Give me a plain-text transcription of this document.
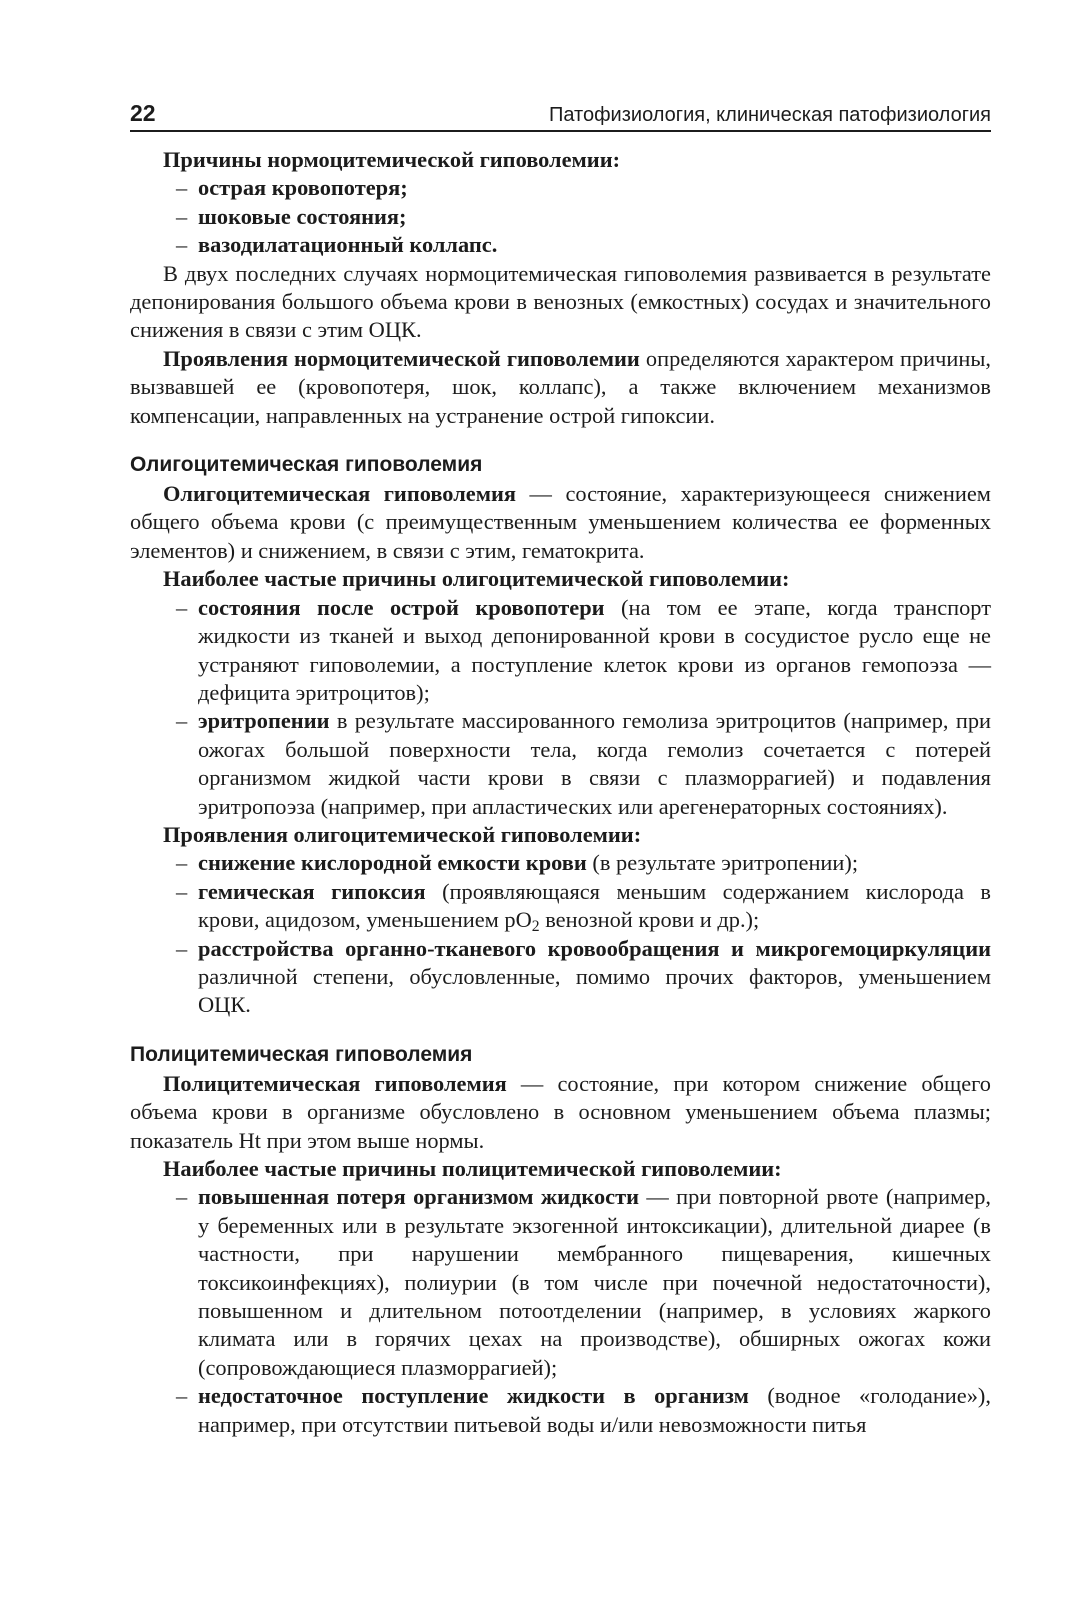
22	Патофизиология, клиническая патофизиология

Причины нормоцитемической гиповолемии:

– острая кровопотеря;
– шоковые состояния;
– вазодилатационный коллапс.

В двух последних случаях нормоцитемическая гиповолемия развивается в результате депонирования большого объема крови в венозных (емкостных) сосудах и значительного снижения в связи с этим ОЦК.

Проявления нормоцитемической гиповолемии определяются характером причины, вызвавшей ее (кровопотеря, шок, коллапс), а также включением механизмов компенсации, направленных на устранение острой гипоксии.

Олигоцитемическая гиповолемия

Олигоцитемическая гиповолемия — состояние, характеризующееся снижением общего объема крови (с преимущественным уменьшением количества ее форменных элементов) и снижением, в связи с этим, гематокрита.

Наиболее частые причины олигоцитемической гиповолемии:

– состояния после острой кровопотери (на том ее этапе, когда транспорт жидкости из тканей и выход депонированной крови в сосудистое русло еще не устраняют гиповолемии, а поступление клеток крови из органов гемопоэза — дефицита эритроцитов);
– эритропении в результате массированного гемолиза эритроцитов (например, при ожогах большой поверхности тела, когда гемолиз сочетается с потерей организмом жидкой части крови в связи с плазморрагией) и подавления эритропоэза (например, при апластических или арегенераторных состояниях).

Проявления олигоцитемической гиповолемии:

– снижение кислородной емкости крови (в результате эритропении);
– гемическая гипоксия (проявляющаяся меньшим содержанием кислорода в крови, ацидозом, уменьшением $pO_2$ венозной крови и др.);
– расстройства органно-тканевого кровообращения и микрогемоциркуляции различной степени, обусловленные, помимо прочих факторов, уменьшением ОЦК.
Полицитемическая гиповолемия

Полицитемическая гиповолемия — состояние, при котором снижение общего объема крови в организме обусловлено в основном уменьшением объема плазмы; показатель Ht при этом выше нормы.

Наиболее частые причины полицитемической гиповолемии:

– повышенная потеря организмом жидкости — при повторной рвоте (например, у беременных или в результате экзогенной интоксикации), длительной диарее (в частности, при нарушении мембранного пищеварения, кишечных токсикоинфекциях), полиурии (в том числе при почечной недостаточности), повышенном и длительном потоотделении (например, в условиях жаркого климата или в горячих цехах на производстве), обширных ожогах кожи (сопровождающиеся плазморрагией);
– недостаточное поступление жидкости в организм (водное «голодание»), например, при отсутствии питьевой воды и/или невозможности питья
